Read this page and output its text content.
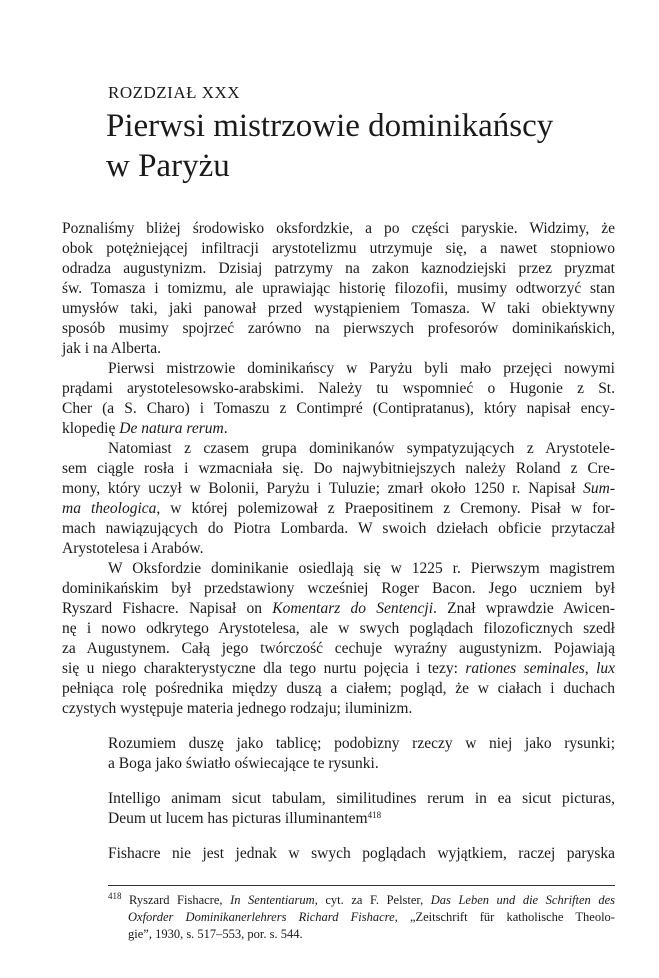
ROZDZIAŁ XXX
Pierwsi mistrzowie dominikańscy
w Paryżu

Poznaliśmy bliżej środowisko oksfordzkie, a po części paryskie. Widzimy, że
obok potężniejącej infiltracji arystotelizmu utrzymuje się, a nawet stopniowo
odradza augustynizm. Dzisiaj patrzymy na zakon kaznodziejski przez pryzmat
św. Tomasza i tomizmu, ale uprawiając historię filozofii, musimy odtworzyć stan
umysłów taki, jaki panował przed wystąpieniem Tomasza. W taki obiektywny
sposób musimy spojrzeć zarówno na pierwszych profesorów dominikańskich,
jak i na Alberta.

Pierwsi mistrzowie dominikańscy w Paryżu byli mało przejęci nowymi
prądami arystotelesowsko-arabskimi. Należy tu wspomnieć o Hugonie z St.
Cher (a S. Charo) i Tomaszu z Contimpré (Contipratanus), który napisał ency-
klopedię De natura rerum.

Natomiast z czasem grupa dominikanów sympatyzujących z Arystotele-
sem ciągle rosła i wzmacniała się. Do najwybitniejszych należy Roland z Cre-
mony, który uczył w Bolonii, Paryżu i Tuluzie; zmarł około 1250 r. Napisał Sum-
ma theologica, w której polemizował z Praepositinem z Cremony. Pisał w for-
mach nawiązujących do Piotra Lombarda. W swoich dziełach obficie przytaczał
Arystotelesa i Arabów.

W Oksfordzie dominikanie osiedlają się w 1225 r. Pierwszym magistrem
dominikańskim był przedstawiony wcześniej Roger Bacon. Jego uczniem był
Ryszard Fishacre. Napisał on Komentarz do Sentencji. Znał wprawdzie Awicen-
nę i nowo odkrytego Arystotelesa, ale w swych poglądach filozoficznych szedł
za Augustynem. Całą jego twórczość cechuje wyraźny augustynizm. Pojawiają
się u niego charakterystyczne dla tego nurtu pojęcia i tezy: rationes seminales, lux
pełniąca rolę pośrednika między duszą a ciałem; pogląd, że w ciałach i duchach
czystych występuje materia jednego rodzaju; iluminizm.

Rozumiem duszę jako tablicę; podobizny rzeczy w niej jako rysunki;
a Boga jako światło oświecające te rysunki.

Intelligo animam sicut tabulam, similitudines rerum in ea sicut picturas,
Deum ut lucem has picturas illuminantem$^{418}$

Fishacre nie jest jednak w swych poglądach wyjątkiem, raczej paryska

$^{418}$ Ryszard Fishacre, In Sententiarum, cyt. za F. Pelster, Das Leben und die Schriften des
Oxforder Dominikanerlehrers Richard Fishacre, „Zeitschrift für katholische Theolo-
gie”, 1930, s. 517–553, por. s. 544.
